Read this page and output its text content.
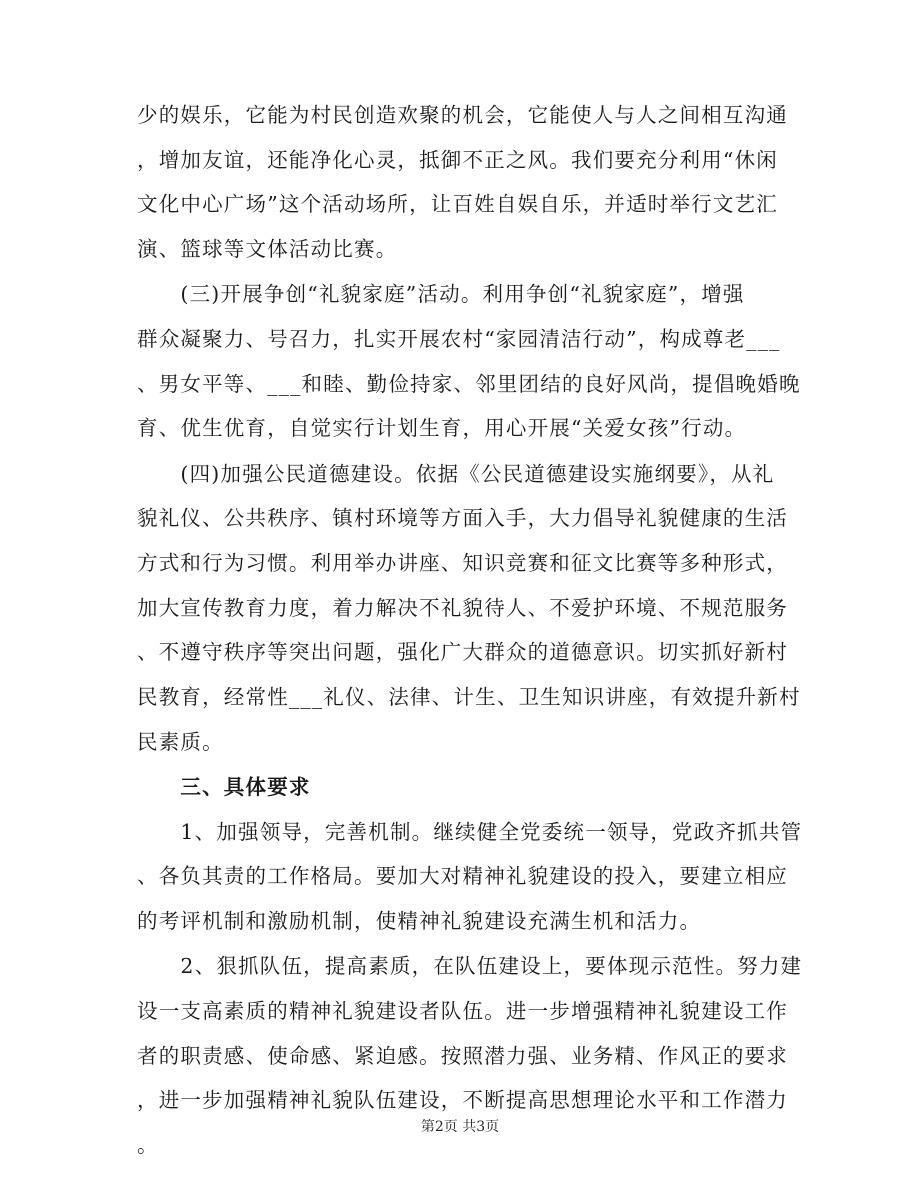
少的娱乐，它能为村民创造欢聚的机会，它能使人与人之间相互沟通
，增加友谊，还能净化心灵，抵御不正之风。我们要充分利用“休闲
文化中心广场”这个活动场所，让百姓自娱自乐，并适时举行文艺汇
演、篮球等文体活动比赛。
　　(三)开展争创“礼貌家庭”活动。利用争创“礼貌家庭”，增强
群众凝聚力、号召力，扎实开展农村“家园清洁行动”，构成尊老___
、男女平等、___和睦、勤俭持家、邻里团结的良好风尚，提倡晚婚晚
育、优生优育，自觉实行计划生育，用心开展“关爱女孩”行动。
　　(四)加强公民道德建设。依据《公民道德建设实施纲要》，从礼
貌礼仪、公共秩序、镇村环境等方面入手，大力倡导礼貌健康的生活
方式和行为习惯。利用举办讲座、知识竞赛和征文比赛等多种形式，
加大宣传教育力度，着力解决不礼貌待人、不爱护环境、不规范服务
、不遵守秩序等突出问题，强化广大群众的道德意识。切实抓好新村
民教育，经常性___礼仪、法律、计生、卫生知识讲座，有效提升新村
民素质。
　　三、具体要求
　　1、加强领导，完善机制。继续健全党委统一领导，党政齐抓共管
、各负其责的工作格局。要加大对精神礼貌建设的投入，要建立相应
的考评机制和激励机制，使精神礼貌建设充满生机和活力。
　　2、狠抓队伍，提高素质，在队伍建设上，要体现示范性。努力建
设一支高素质的精神礼貌建设者队伍。进一步增强精神礼貌建设工作
者的职责感、使命感、紧迫感。按照潜力强、业务精、作风正的要求
，进一步加强精神礼貌队伍建设，不断提高思想理论水平和工作潜力
。
第2页 共3页
